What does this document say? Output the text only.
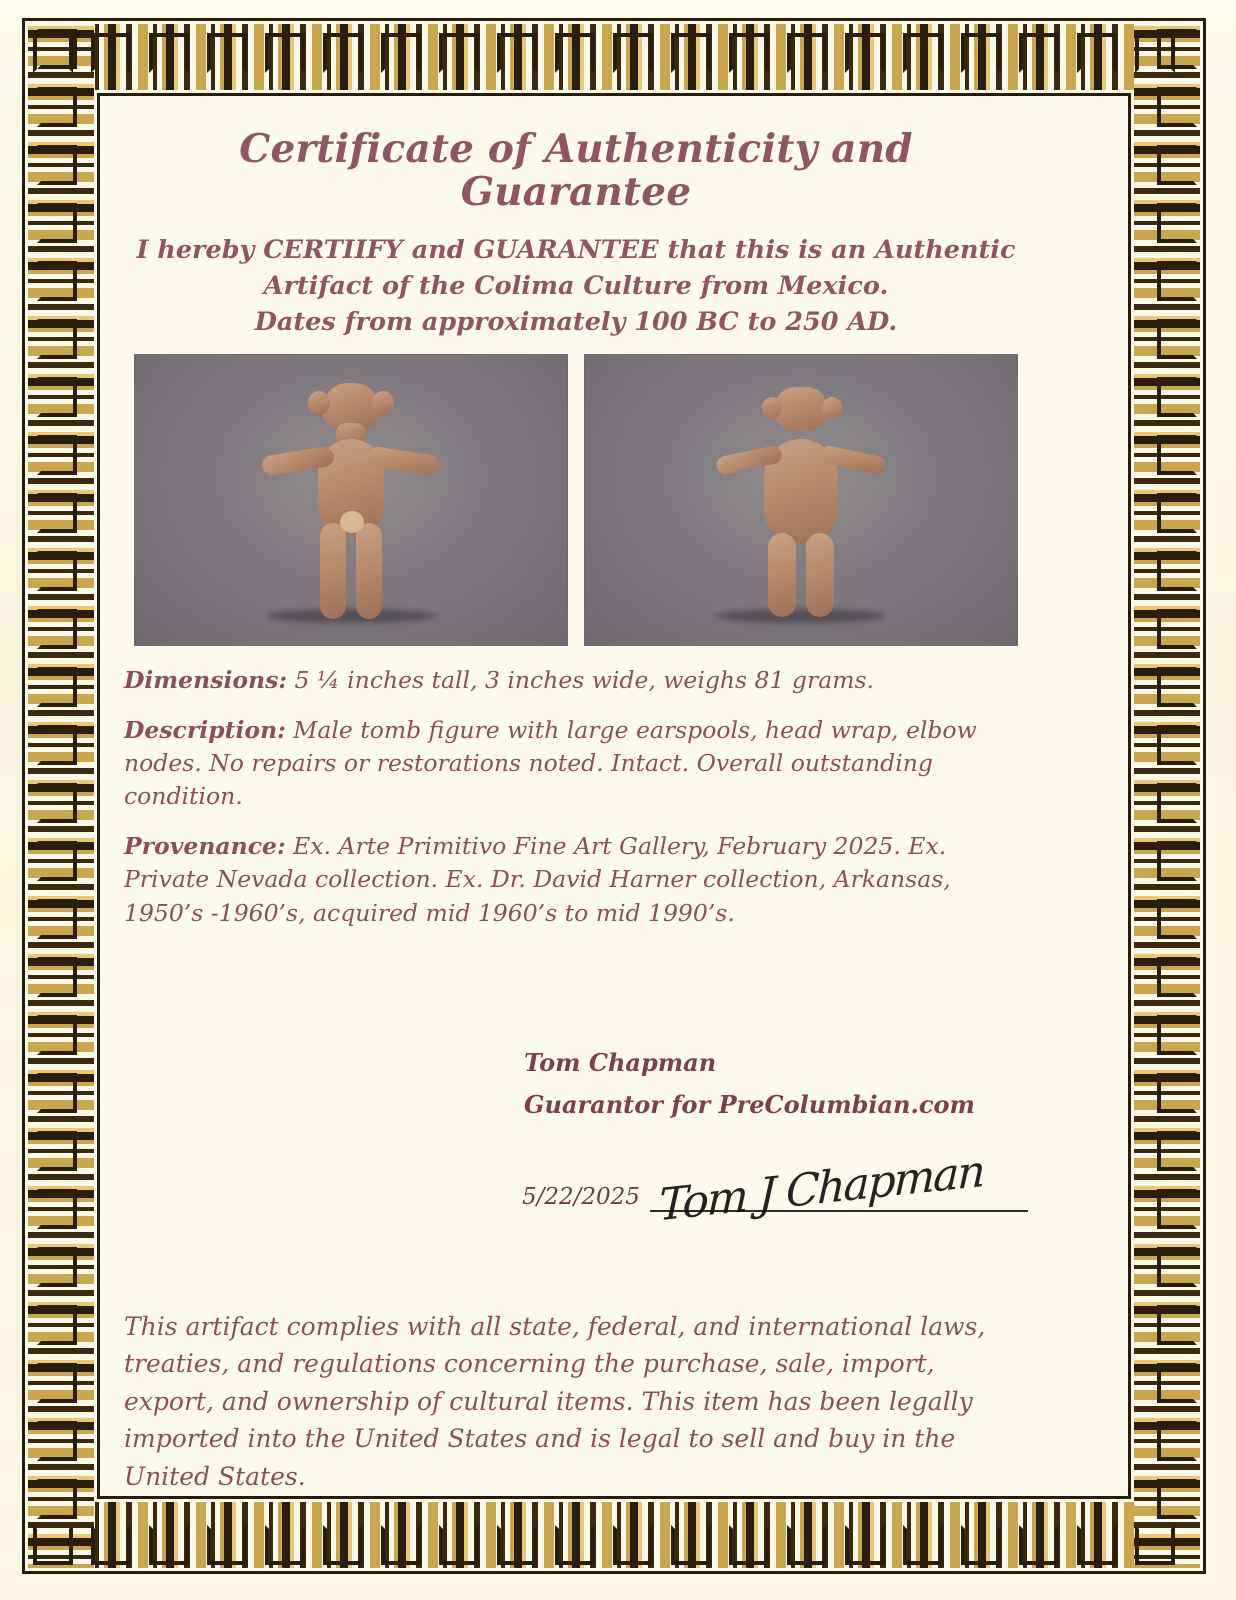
Certificate of Authenticity and Guarantee
I hereby CERTIIFY and GUARANTEE that this is an Authentic
Artifact of the Colima Culture from Mexico.
Dates from approximately 100 BC to 250 AD.

Dimensions: 5 ¼ inches tall, 3 inches wide, weighs 81 grams.

Description: Male tomb figure with large earspools, head wrap, elbow nodes. No repairs or restorations noted. Intact. Overall outstanding condition.

Provenance: Ex. Arte Primitivo Fine Art Gallery, February 2025. Ex. Private Nevada collection. Ex. Dr. David Harner collection, Arkansas, 1950’s -1960’s, acquired mid 1960’s to mid 1990’s.

Tom Chapman
Guarantor for PreColumbian.com
5/22/2025 Tom J Chapman
This artifact complies with all state, federal, and international laws, treaties, and regulations concerning the purchase, sale, import, export, and ownership of cultural items. This item has been legally imported into the United States and is legal to sell and buy in the United States.
